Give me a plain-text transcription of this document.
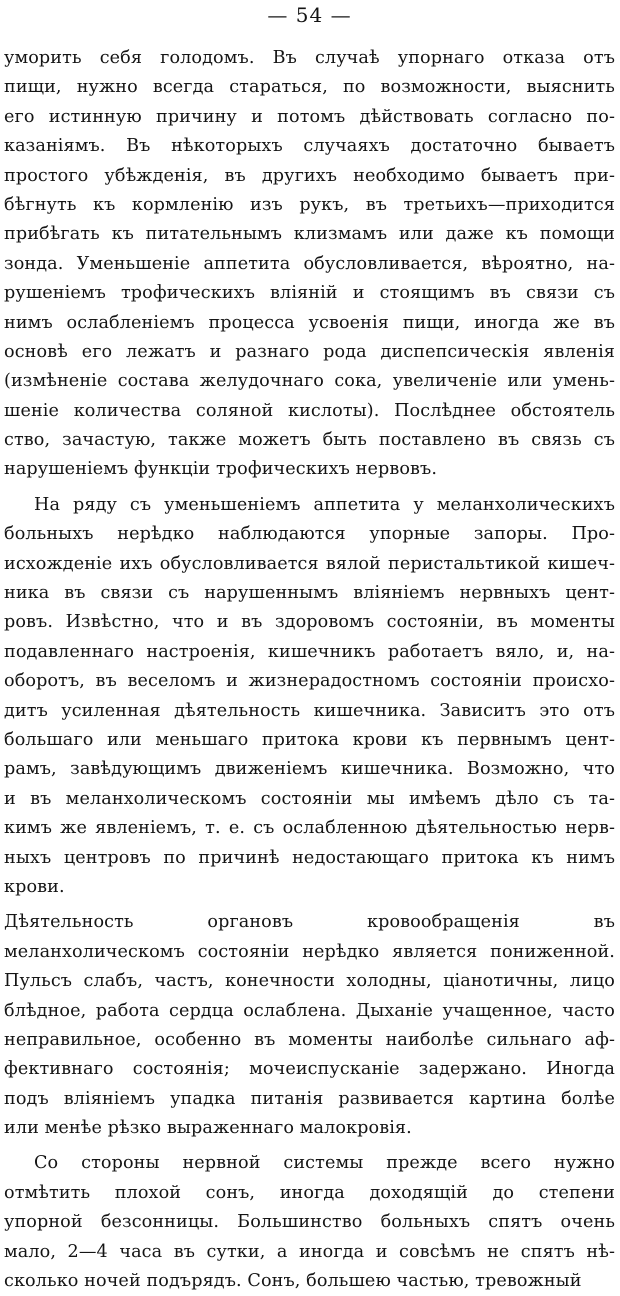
— 54 —
уморить себя голодомъ. Въ случаѣ упорнаго отказа отъ
пищи, нужно всегда стараться, по возможности, выяснить
его истинную причину и потомъ дѣйствовать согласно по-
казаніямъ. Въ нѣкоторыхъ случаяхъ достаточно бываетъ
простого убѣжденія, въ другихъ необходимо бываетъ при-
бѣгнуть къ кормленію изъ рукъ, въ третьихъ—приходится
прибѣгать къ питательнымъ клизмамъ или даже къ помощи
зонда. Уменьшеніе аппетита обусловливается, вѣроятно, на-
рушеніемъ трофическихъ вліяній и стоящимъ въ связи съ
нимъ ослабленіемъ процесса усвоенія пищи, иногда же въ
основѣ его лежатъ и разнаго рода диспепсическія явленія
(измѣненіе состава желудочнаго сока, увеличеніе или умень-
шеніе количества соляной кислоты). Послѣднее обстоятель
ство, зачастую, также можетъ быть поставлено въ связь съ
нарушеніемъ функціи трофическихъ нервовъ.
На ряду съ уменьшеніемъ аппетита у меланхолическихъ
больныхъ нерѣдко наблюдаются упорные запоры. Про-
исхожденіе ихъ обусловливается вялой перистальтикой кишеч-
ника въ связи съ нарушеннымъ вліяніемъ нервныхъ цент-
ровъ. Извѣстно, что и въ здоровомъ состояніи, въ моменты
подавленнаго настроенія, кишечникъ работаетъ вяло, и, на-
оборотъ, въ веселомъ и жизнерадостномъ состояніи происхо-
дитъ усиленная дѣятельность кишечника. Зависитъ это отъ
большаго или меньшаго притока крови къ первнымъ цент-
рамъ, завѣдующимъ движеніемъ кишечника. Возможно, что
и въ меланхолическомъ состояніи мы имѣемъ дѣло съ та-
кимъ же явленіемъ, т. е. съ ослабленною дѣятельностью нерв-
ныхъ центровъ по причинѣ недостающаго притока къ нимъ
крови.
Дѣятельность органовъ кровообращенія въ
меланхолическомъ состояніи нерѣдко является пониженной.
Пульсъ слабъ, частъ, конечности холодны, ціанотичны, лицо
блѣдное, работа сердца ослаблена. Дыханіе учащенное, часто
неправильное, особенно въ моменты наиболѣе сильнаго аф-
фективнаго состоянія; мочеиспусканіе задержано. Иногда
подъ вліяніемъ упадка питанія развивается картина болѣе
или менѣе рѣзко выраженнаго малокровія.
Со стороны нервной системы прежде всего нужно
отмѣтить плохой сонъ, иногда доходящій до степени
упорной безсонницы. Большинство больныхъ спятъ очень
мало, 2—4 часа въ сутки, а иногда и совсѣмъ не спятъ нѣ-
сколько ночей подърядъ. Сонъ, большею частью, тревожный
